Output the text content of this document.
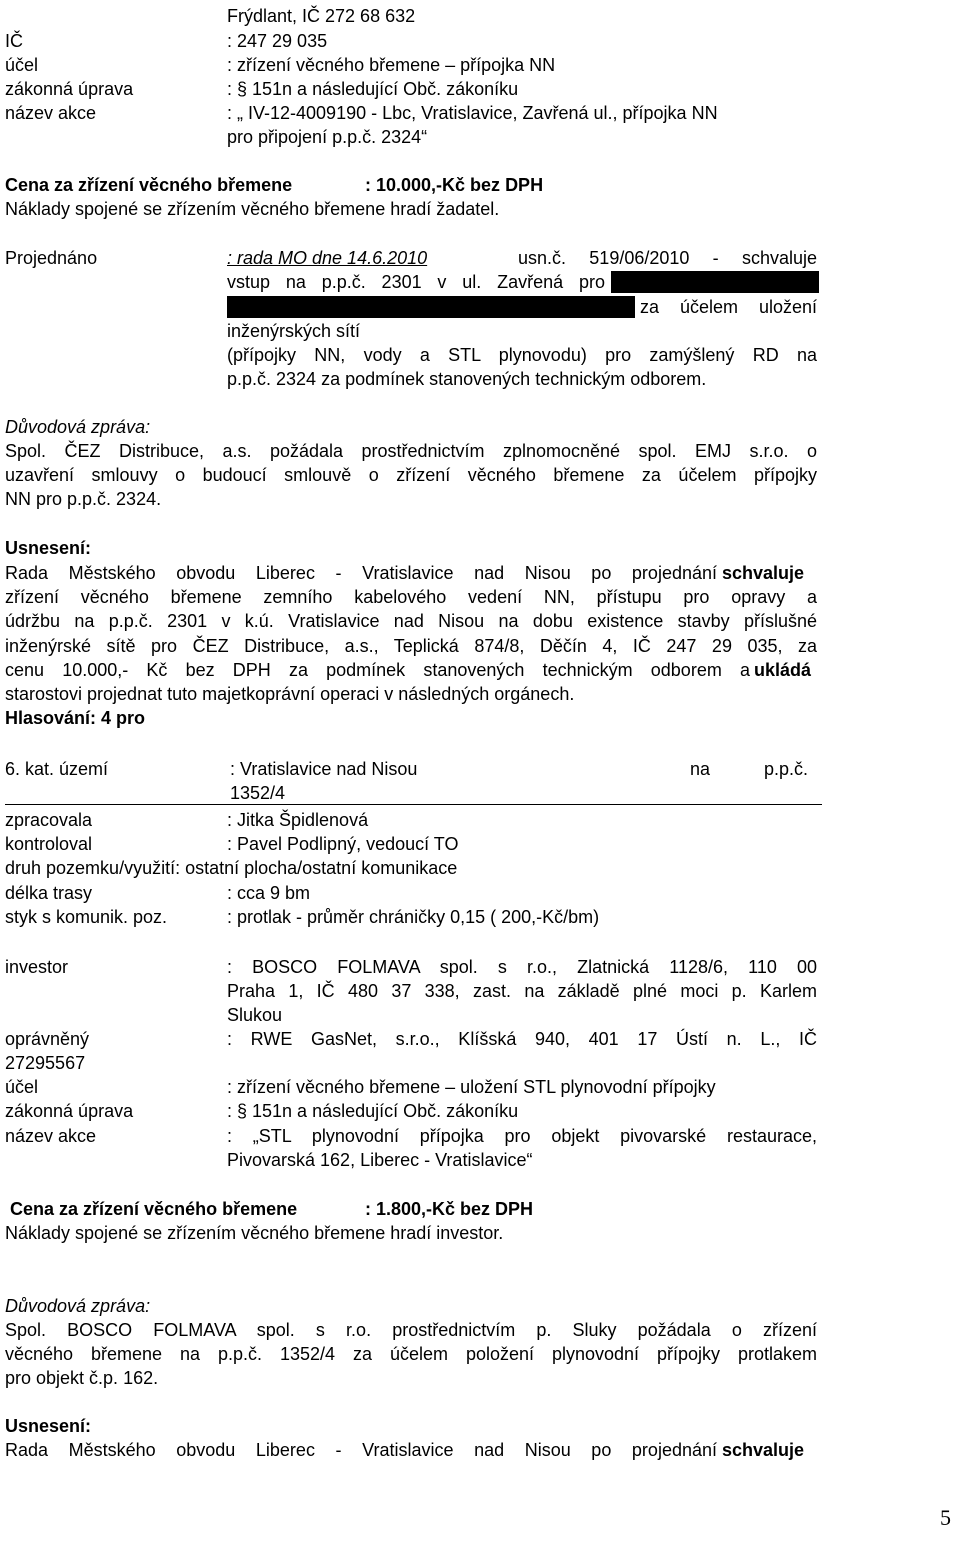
Frýdlant, IČ 272 68 632
IČ	: 247 29 035
účel	: zřízení věcného břemene – přípojka NN
zákonná úprava	: § 151n a následující Obč. zákoníku
název akce	: „ IV-12-4009190 - Lbc, Vratislavice, Zavřená ul., přípojka NN
pro připojení p.p.č. 2324“
Cena za zřízení věcného břemene	: 10.000,-Kč bez DPH
Náklady spojené se zřízením věcného břemene hradí žadatel.
Projednáno	: rada MO dne 14.6.2010	usn.č. 519/06/2010 - schvaluje
vstup na p.p.č. 2301 v ul. Zavřená pro
za účelem uložení
inženýrských sítí
(přípojky NN, vody a STL plynovodu) pro zamýšlený RD na
p.p.č. 2324 za podmínek stanovených technickým odborem.
Důvodová zpráva:
Spol. ČEZ Distribuce, a.s. požádala prostřednictvím zplnomocněné spol. EMJ s.r.o. o
uzavření smlouvy o budoucí smlouvě o zřízení věcného břemene za účelem přípojky
NN pro p.p.č. 2324.
Usnesení:
Rada Městského obvodu Liberec - Vratislavice nad Nisou po projednání schvaluje
zřízení věcného břemene zemního kabelového vedení NN, přístupu pro opravy a
údržbu na p.p.č. 2301 v k.ú. Vratislavice nad Nisou na dobu existence stavby příslušné
inženýrské sítě pro ČEZ Distribuce, a.s., Teplická 874/8, Děčín 4, IČ 247 29 035, za
cenu 10.000,- Kč bez DPH za podmínek stanovených technickým odborem a ukládá
starostovi projednat tuto majetkoprávní operaci v následných orgánech.
Hlasování: 4 pro
6. kat. území	: Vratislavice nad Nisou	na	p.p.č.
1352/4
zpracovala	: Jitka Špidlenová
kontroloval	: Pavel Podlipný, vedoucí TO
druh pozemku/využití: ostatní plocha/ostatní komunikace
délka trasy	: cca 9 bm
styk s komunik. poz.	: protlak - průměr chráničky 0,15 ( 200,-Kč/bm)
investor	: BOSCO FOLMAVA spol. s r.o., Zlatnická 1128/6, 110 00
Praha 1, IČ 480 37 338, zast. na základě plné moci p. Karlem
Slukou
oprávněný	: RWE GasNet, s.r.o., Klíšská 940, 401 17 Ústí n. L., IČ
27295567
účel	: zřízení věcného břemene – uložení STL plynovodní přípojky
zákonná úprava	: § 151n a následující Obč. zákoníku
název akce	: „STL plynovodní přípojka pro objekt pivovarské restaurace,
Pivovarská 162, Liberec - Vratislavice“
Cena za zřízení věcného břemene	: 1.800,-Kč bez DPH
Náklady spojené se zřízením věcného břemene hradí investor.
Důvodová zpráva:
Spol. BOSCO FOLMAVA spol. s r.o. prostřednictvím p. Sluky požádala o zřízení
věcného břemene na p.p.č. 1352/4 za účelem položení plynovodní přípojky protlakem
pro objekt č.p. 162.
Usnesení:
Rada Městského obvodu Liberec - Vratislavice nad Nisou po projednání schvaluje
5
